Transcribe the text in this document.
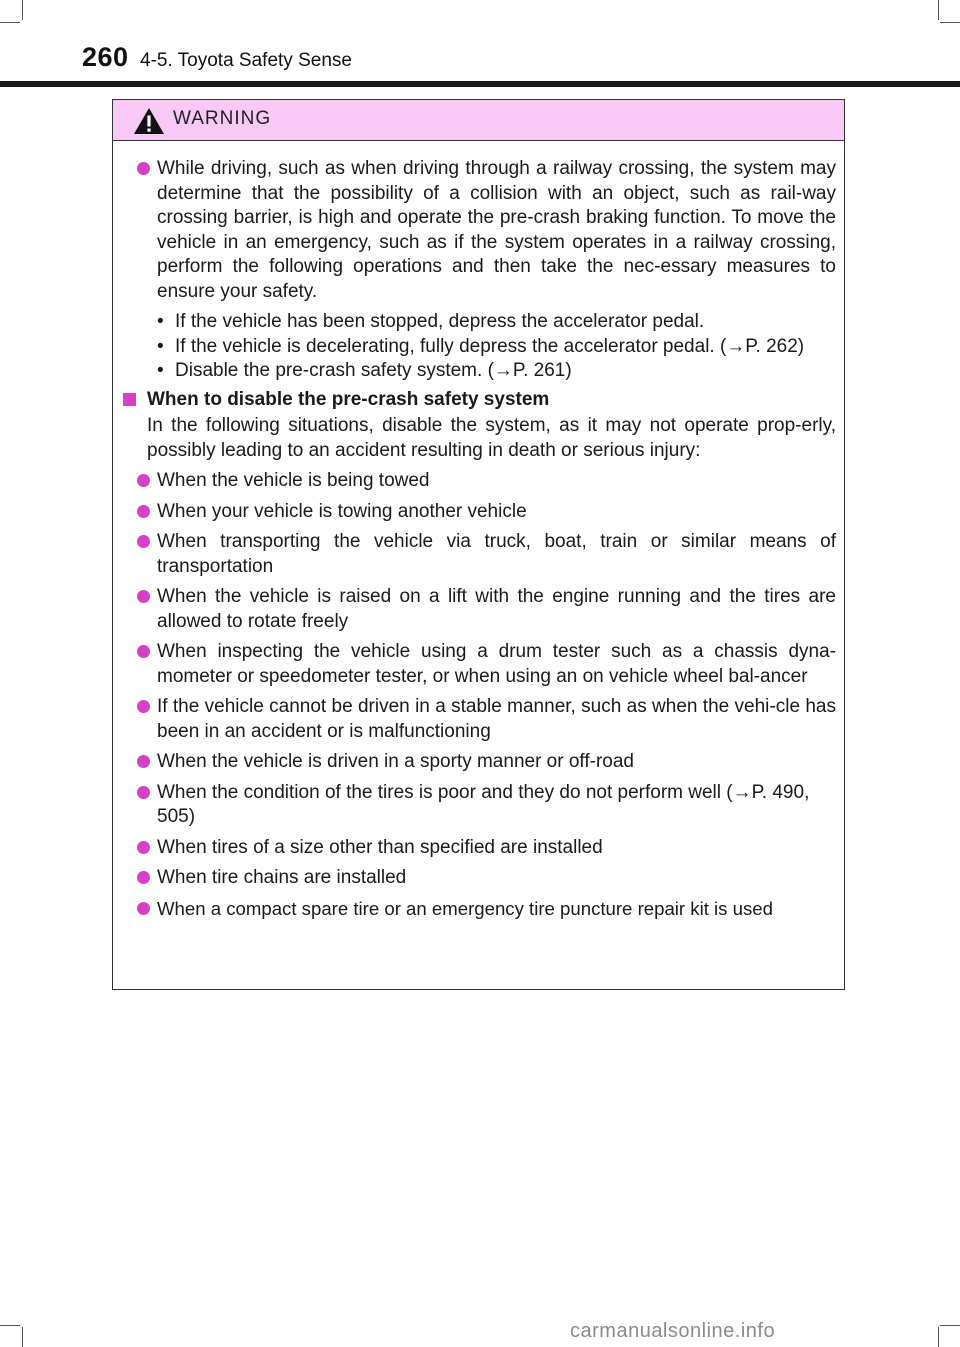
260 4-5. Toyota Safety Sense
WARNING

While driving, such as when driving through a railway crossing, the system may determine that the possibility of a collision with an object, such as rail-way crossing barrier, is high and operate the pre-crash braking function. To move the vehicle in an emergency, such as if the system operates in a railway crossing, perform the following operations and then take the nec-essary measures to ensure your safety.

• If the vehicle has been stopped, depress the accelerator pedal.
• If the vehicle is decelerating, fully depress the accelerator pedal. (→P. 262)
• Disable the pre-crash safety system. (→P. 261)
When to disable the pre-crash safety system

In the following situations, disable the system, as it may not operate prop-erly, possibly leading to an accident resulting in death or serious injury:

When the vehicle is being towed

When your vehicle is towing another vehicle

When transporting the vehicle via truck, boat, train or similar means of transportation

When the vehicle is raised on a lift with the engine running and the tires are allowed to rotate freely

When inspecting the vehicle using a drum tester such as a chassis dyna-mometer or speedometer tester, or when using an on vehicle wheel bal-ancer

If the vehicle cannot be driven in a stable manner, such as when the vehi-cle has been in an accident or is malfunctioning

When the vehicle is driven in a sporty manner or off-road

When the condition of the tires is poor and they do not perform well (→P. 490, 505)

When tires of a size other than specified are installed

When tire chains are installed

When a compact spare tire or an emergency tire puncture repair kit is used

carmanualsonline.info
